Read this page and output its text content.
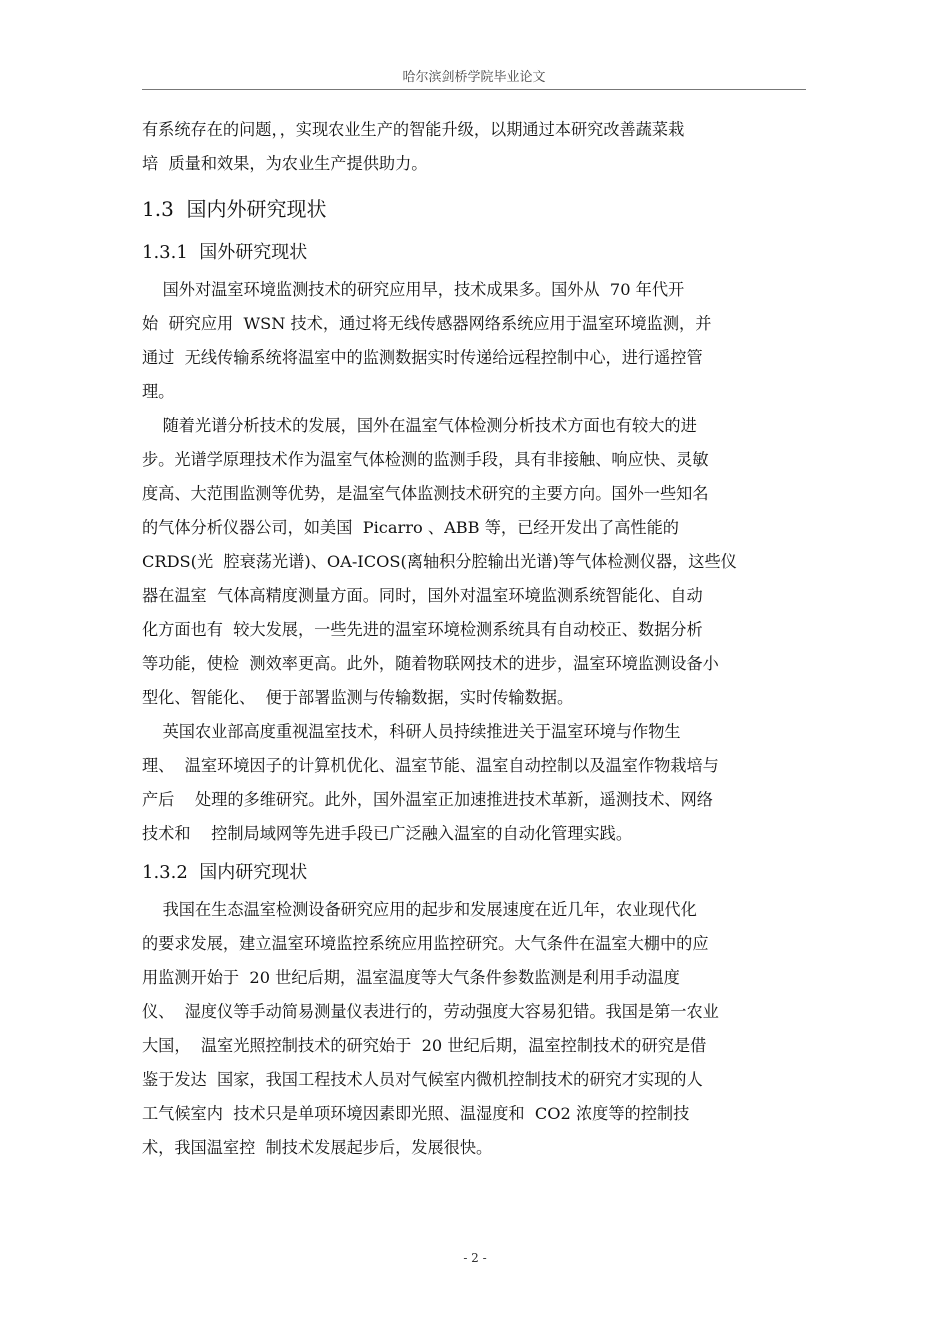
哈尔滨剑桥学院毕业论文
有系统存在的问题，，实现农业生产的智能升级，以期通过本研究改善蔬菜栽
培  质量和效果，为农业生产提供助力。
1.3 国内外研究现状
1.3.1 国外研究现状
国外对温室环境监测技术的研究应用早，技术成果多。国外从  70 年代开
始  研究应用  WSN 技术，通过将无线传感器网络系统应用于温室环境监测，并
通过  无线传输系统将温室中的监测数据实时传递给远程控制中心，进行遥控管
理。
随着光谱分析技术的发展，国外在温室气体检测分析技术方面也有较大的进
步。光谱学原理技术作为温室气体检测的监测手段，具有非接触、响应快、灵敏
度高、大范围监测等优势，是温室气体监测技术研究的主要方向。国外一些知名
的气体分析仪器公司，如美国  Picarro 、ABB 等，已经开发出了高性能的
CRDS(光  腔衰荡光谱)、OA-ICOS(离轴积分腔输出光谱)等气体检测仪器，这些仪
器在温室  气体高精度测量方面。同时，国外对温室环境监测系统智能化、自动
化方面也有  较大发展，一些先进的温室环境检测系统具有自动校正、数据分析
等功能，使检  测效率更高。此外，随着物联网技术的进步，温室环境监测设备小
型化、智能化、  便于部署监测与传输数据，实时传输数据。
英国农业部高度重视温室技术，科研人员持续推进关于温室环境与作物生
理、  温室环境因子的计算机优化、温室节能、温室自动控制以及温室作物栽培与
产后    处理的多维研究。此外，国外温室正加速推进技术革新，遥测技术、网络
技术和    控制局域网等先进手段已广泛融入温室的自动化管理实践。
1.3.2 国内研究现状
我国在生态温室检测设备研究应用的起步和发展速度在近几年，农业现代化
的要求发展，建立温室环境监控系统应用监控研究。大气条件在温室大棚中的应
用监测开始于  20 世纪后期，温室温度等大气条件参数监测是利用手动温度
仪、  湿度仪等手动简易测量仪表进行的，劳动强度大容易犯错。我国是第一农业
大国，  温室光照控制技术的研究始于  20 世纪后期，温室控制技术的研究是借
鉴于发达  国家，我国工程技术人员对气候室内微机控制技术的研究才实现的人
工气候室内  技术只是单项环境因素即光照、温湿度和  CO2 浓度等的控制技
术，我国温室控  制技术发展起步后，发展很快。
- 2 -
